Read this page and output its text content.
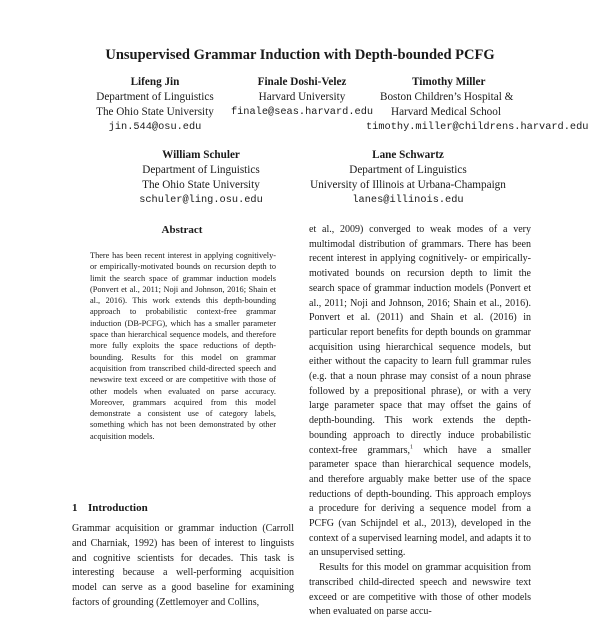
Unsupervised Grammar Induction with Depth-bounded PCFG
Lifeng Jin
Department of Linguistics
The Ohio State University
jin.544@osu.edu
Finale Doshi-Velez
Harvard University
finale@seas.harvard.edu
Timothy Miller
Boston Children’s Hospital &
Harvard Medical School
timothy.miller@childrens.harvard.edu
William Schuler
Department of Linguistics
The Ohio State University
schuler@ling.osu.edu
Lane Schwartz
Department of Linguistics
University of Illinois at Urbana-Champaign
lanes@illinois.edu
Abstract
There has been recent interest in applying cognitively- or empirically-motivated bounds on recursion depth to limit the search space of grammar induction models (Ponvert et al., 2011; Noji and Johnson, 2016; Shain et al., 2016). This work extends this depth-bounding approach to probabilistic context-free grammar induction (DB-PCFG), which has a smaller parameter space than hierarchical sequence models, and therefore more fully exploits the space reductions of depth-bounding. Results for this model on grammar acquisition from transcribed child-directed speech and newswire text exceed or are competitive with those of other models when evaluated on parse accuracy. Moreover, grammars acquired from this model demonstrate a consistent use of category labels, something which has not been demonstrated by other acquisition models.
1 Introduction
Grammar acquisition or grammar induction (Carroll and Charniak, 1992) has been of interest to linguists and cognitive scientists for decades. This task is interesting because a well-performing acquisition model can serve as a good baseline for examining factors of grounding (Zettlemoyer and Collins,

et al., 2009) converged to weak modes of a very multimodal distribution of grammars. There has been recent interest in applying cognitively- or empirically-motivated bounds on recursion depth to limit the search space of grammar induction models (Ponvert et al., 2011; Noji and Johnson, 2016; Shain et al., 2016). Ponvert et al. (2011) and Shain et al. (2016) in particular report benefits for depth bounds on grammar acquisition using hierarchical sequence models, but either without the capacity to learn full grammar rules (e.g. that a noun phrase may consist of a noun phrase followed by a prepositional phrase), or with a very large parameter space that may offset the gains of depth-bounding. This work extends the depth-bounding approach to directly induce probabilistic context-free grammars,$^1$ which have a smaller parameter space than hierarchical sequence models, and therefore arguably make better use of the space reductions of depth-bounding. This approach employs a procedure for deriving a sequence model from a PCFG (van Schijndel et al., 2013), developed in the context of a supervised learning model, and adapts it to an unsupervised setting.

Results for this model on grammar acquisition from transcribed child-directed speech and newswire text exceed or are competitive with those of other models when evaluated on parse accu-
